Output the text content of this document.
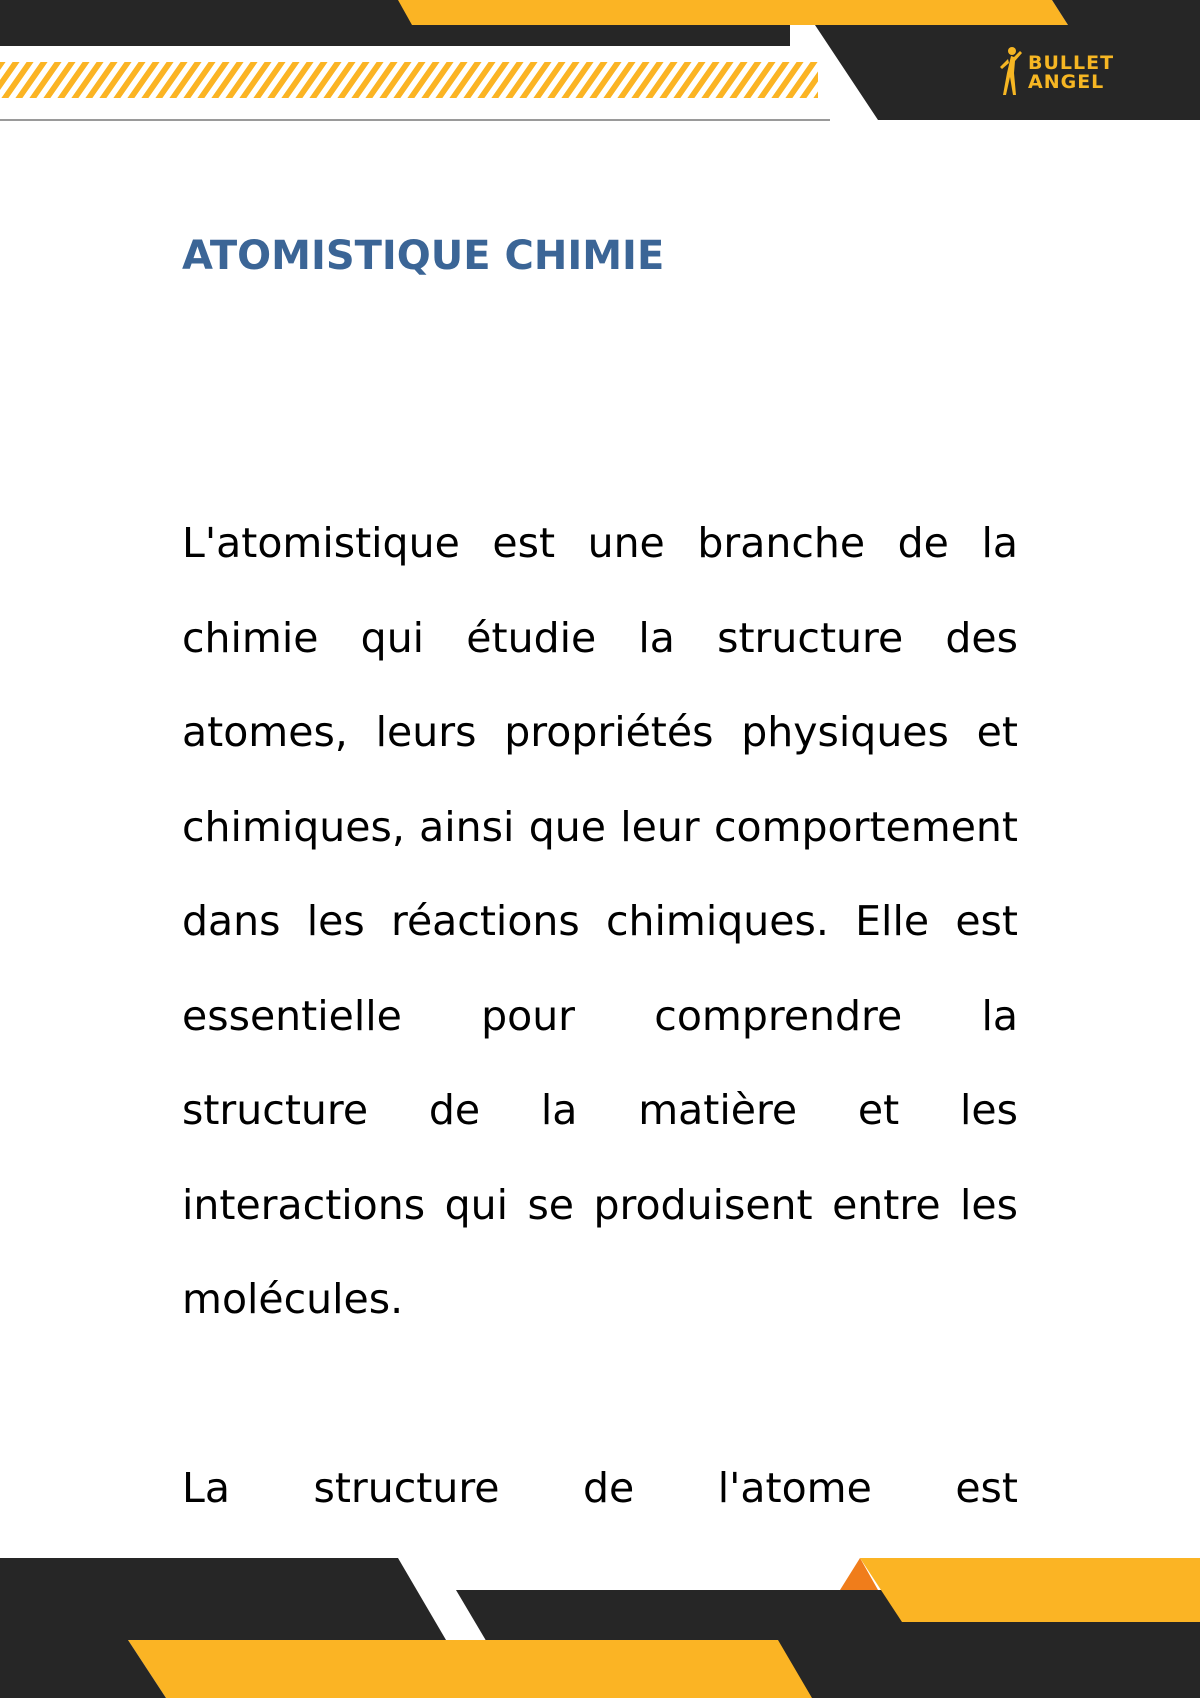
BULLET
ANGEL
ATOMISTIQUE CHIMIE

L'atomistique est une branche de la chimie qui étudie la structure des atomes, leurs propriétés physiques et chimiques, ainsi que leur comportement dans les réactions chimiques. Elle est essentielle pour comprendre la structure de la matière et les interactions qui se produisent entre les molécules.

La structure de l'atome est
